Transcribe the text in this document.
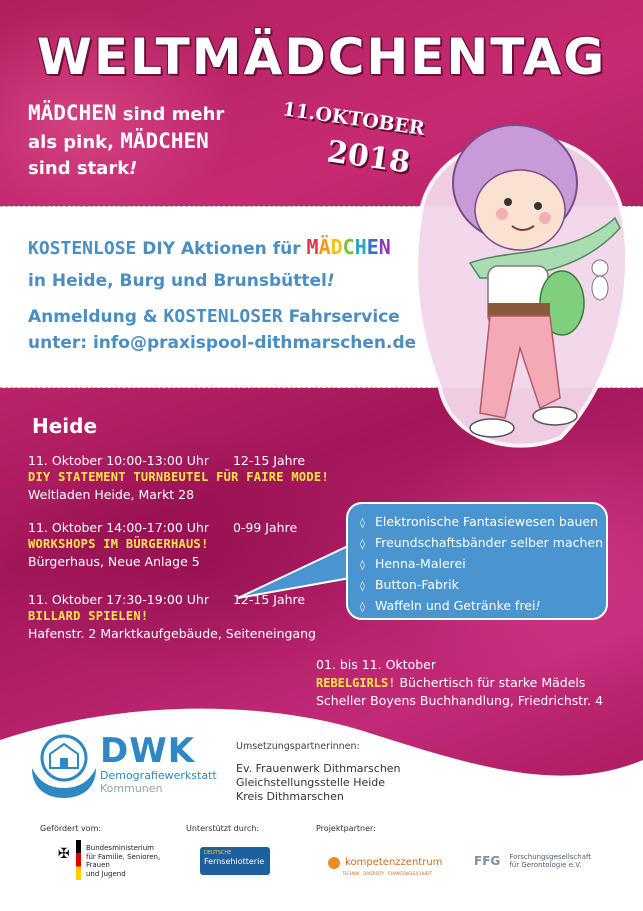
WELTMÄDCHENTAG
MÄDCHEN sind mehr
als pink, MÄDCHEN
sind stark!
11.OKTOBER
2018
KOSTENLOSE DIY Aktionen für MÄDCHEN
in Heide, Burg und Brunsbüttel!
Anmeldung & KOSTENLOSER Fahrservice
unter: info@praxispool-dithmarschen.de
Heide
11. Oktober 10:00-13:00 Uhr 12-15 Jahre
DIY STATEMENT TURNBEUTEL FÜR FAIRE MODE!
Weltladen Heide, Markt 28
11. Oktober 14:00-17:00 Uhr 0-99 Jahre
WORKSHOPS IM BÜRGERHAUS!
Bürgerhaus, Neue Anlage 5
11. Oktober 17:30-19:00 Uhr 12-15 Jahre
BILLARD SPIELEN!
Hafenstr. 2 Marktkaufgebäude, Seiteneingang
◊ Elektronische Fantasiewesen bauen
◊ Freundschaftsbänder selber machen
◊ Henna-Malerei
◊ Button-Fabrik
◊ Waffeln und Getränke frei!
01. bis 11. Oktober
REBELGIRLS! Büchertisch für starke Mädels
Scheller Boyens Buchhandlung, Friedrichstr. 4
DWK
Demografiewerkstatt
Kommunen
Umsetzungspartnerinnen:
Ev. Frauenwerk Dithmarschen
Gleichstellungsstelle Heide
Kreis Dithmarschen
Gefördert vom:	Unterstützt durch:	Projektpartner:
✠ Bundesministerium
für Familie, Senioren, Frauen
und Jugend
DEUTSCHE
Fernsehlotterie	kompetenzzentrum
TECHNIK · DIVERSITY · CHANCENGLEICHHEIT
FFG Forschungsgesellschaft
für Gerontologie e.V.
